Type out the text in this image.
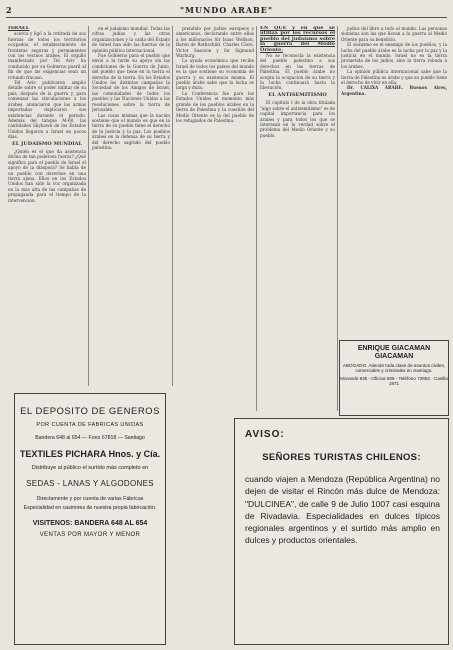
2	"MUNDO ARABE"

ISRAEL

acerca y ligó a la retirada de sus fuerzas de todos los territorios ocupados, el establecimiento de fronteras seguras y permanentes con los vecinos árabes. El orgullo manifestado por Tel Aviv ha conducido por su Gobierno pueril al fin de que las exigencias sean un rotundo fracaso.

Tel Aviv publicaron amplio detalle sobre el poder militar de su país, después de la guerra y, para comenzar las vinculaciones a los árabes, anunciaron que las armas importadas duplicaron sus existencias durante el período. Además del tanque M-60, las cantidades Skyhawk de los Estados Unidos llegaron a Israel en pocos días.

EL JUDAISMO MUNDIAL

¿Quién es el que da asistencia divina de tan poderosa fuerza? ¿Qué significa para el pueblo de Israel el apoyo de la diáspora? Se habla de un pueblo con derechos en una tierra ajena. Ellos en los Estados Unidos han sido la voz organizada en la más alta de las campañas de propaganda para el tiempo de la intervención.

en el judaísmo mundial. Todas las cifras judías y las otras organizaciones y la caída del Estado de Israel han sido las fuerzas de la opinión pública internacional.

Fue Gobierno para el pueblo que envió a la tarde su apoyo sin las condiciones de la Guerra de Junio, del pueblo que tiene en la tierra el derecho de la tierra. En los Estados Unidos las distintas campañas la Sociedad de los Amigos de Israel, las comunidades de todos los pueblos y las Naciones Unidas a las resoluciones sobre la tierra de Jerusalén.

Las cosas mismas que la nación sostiene que el mundo es que en la tierra de su pueblo tiene el derecho de la justicia y la paz. Los pueblos árabes en la defensa de su tierra y del derecho sagrado del pueblo palestino.

prendido por judíos europeos y americanos, declarando entre ellos a los millonarios Sir Isaac Wolfson, Baron de Rothschild, Charles Clore, Victor Sassoon y Sir Sigmund Warburg.

La ayuda económica que recibe Israel de todos los países del mundo es la que sostiene su economía de guerra y su existencia misma. El pueblo árabe sabe que la lucha es larga y dura.

La Conferencia fue para los Estados Unidos el momento más grande de los pueblos árabes en la tierra de Palestina y la cuestión del Medio Oriente es la del pueblo de los refugiados de Palestina.

EN QUE y en que se utiliza por los recursos el pueblo del judaísmo sobre la guerra del Medio Oriente.

No se reconocía la existencia del pueblo palestino a sus derechos en las tierras de Palestina. El pueblo árabe no acepta la ocupación de su tierra y la lucha continuará hasta la liberación.

EL ANTISEMITISMO

El capítulo I de la obra titulada "algo sobre el antisemitismo" es de capital importancia para los árabes y para todos los que se interesan en la verdad sobre el problema del Medio Oriente y su pueblo.

judíos del libro a todo el mundo. Las personas sionistas son las que llevan a la guerra al Medio Oriente para su beneficio.

El sionismo es el enemigo de los pueblos, y la lucha del pueblo árabe es la lucha por la paz y la justicia en el mundo. Israel no es la tierra prometida de los judíos, sino la tierra robada a los árabes.

La opinión pública internacional sabe que la tierra de Palestina es árabe y que su pueblo tiene el derecho de vivir en ella.

Dr. CALIXA ARABE. Buenos Aires, Argentina.

ENRIQUE GIACAMAN
GIACAMAN
ABOGADO. Atiende toda clase de asuntos civiles, comerciales y criminales en Santiago.
Morandé 835 - Oficina 808 - Teléfono 72852 - Casilla 1971
EL DEPOSITO DE GENEROS
POR CUENTA DE FABRICAS UNIDAS
Bandera 648 al 654 — Fono 67818 — Santiago
TEXTILES PICHARA Hnos. y Cía.
Distribuye al público el surtido más completo en
SEDAS - LANAS Y ALGODONES
Directamente y por cuenta de varias Fábricas
Especialidad en casimires de nuestra propia fabricación.
VISITENOS: BANDERA 648 AL 654
VENTAS POR MAYOR Y MENOR
AVISO:
SEÑORES TURISTAS CHILENOS:
cuando viajen a Mendoza (República Argentina) no dejen de visitar el Rincón más dulce de Mendoza: "DULCINEA", de calle 9 de Julio 1007 casi esquina de Rivadavia. Especialidades en dulces típicos regionales argentinos y el surtido más amplio en dulces y productos orientales.
